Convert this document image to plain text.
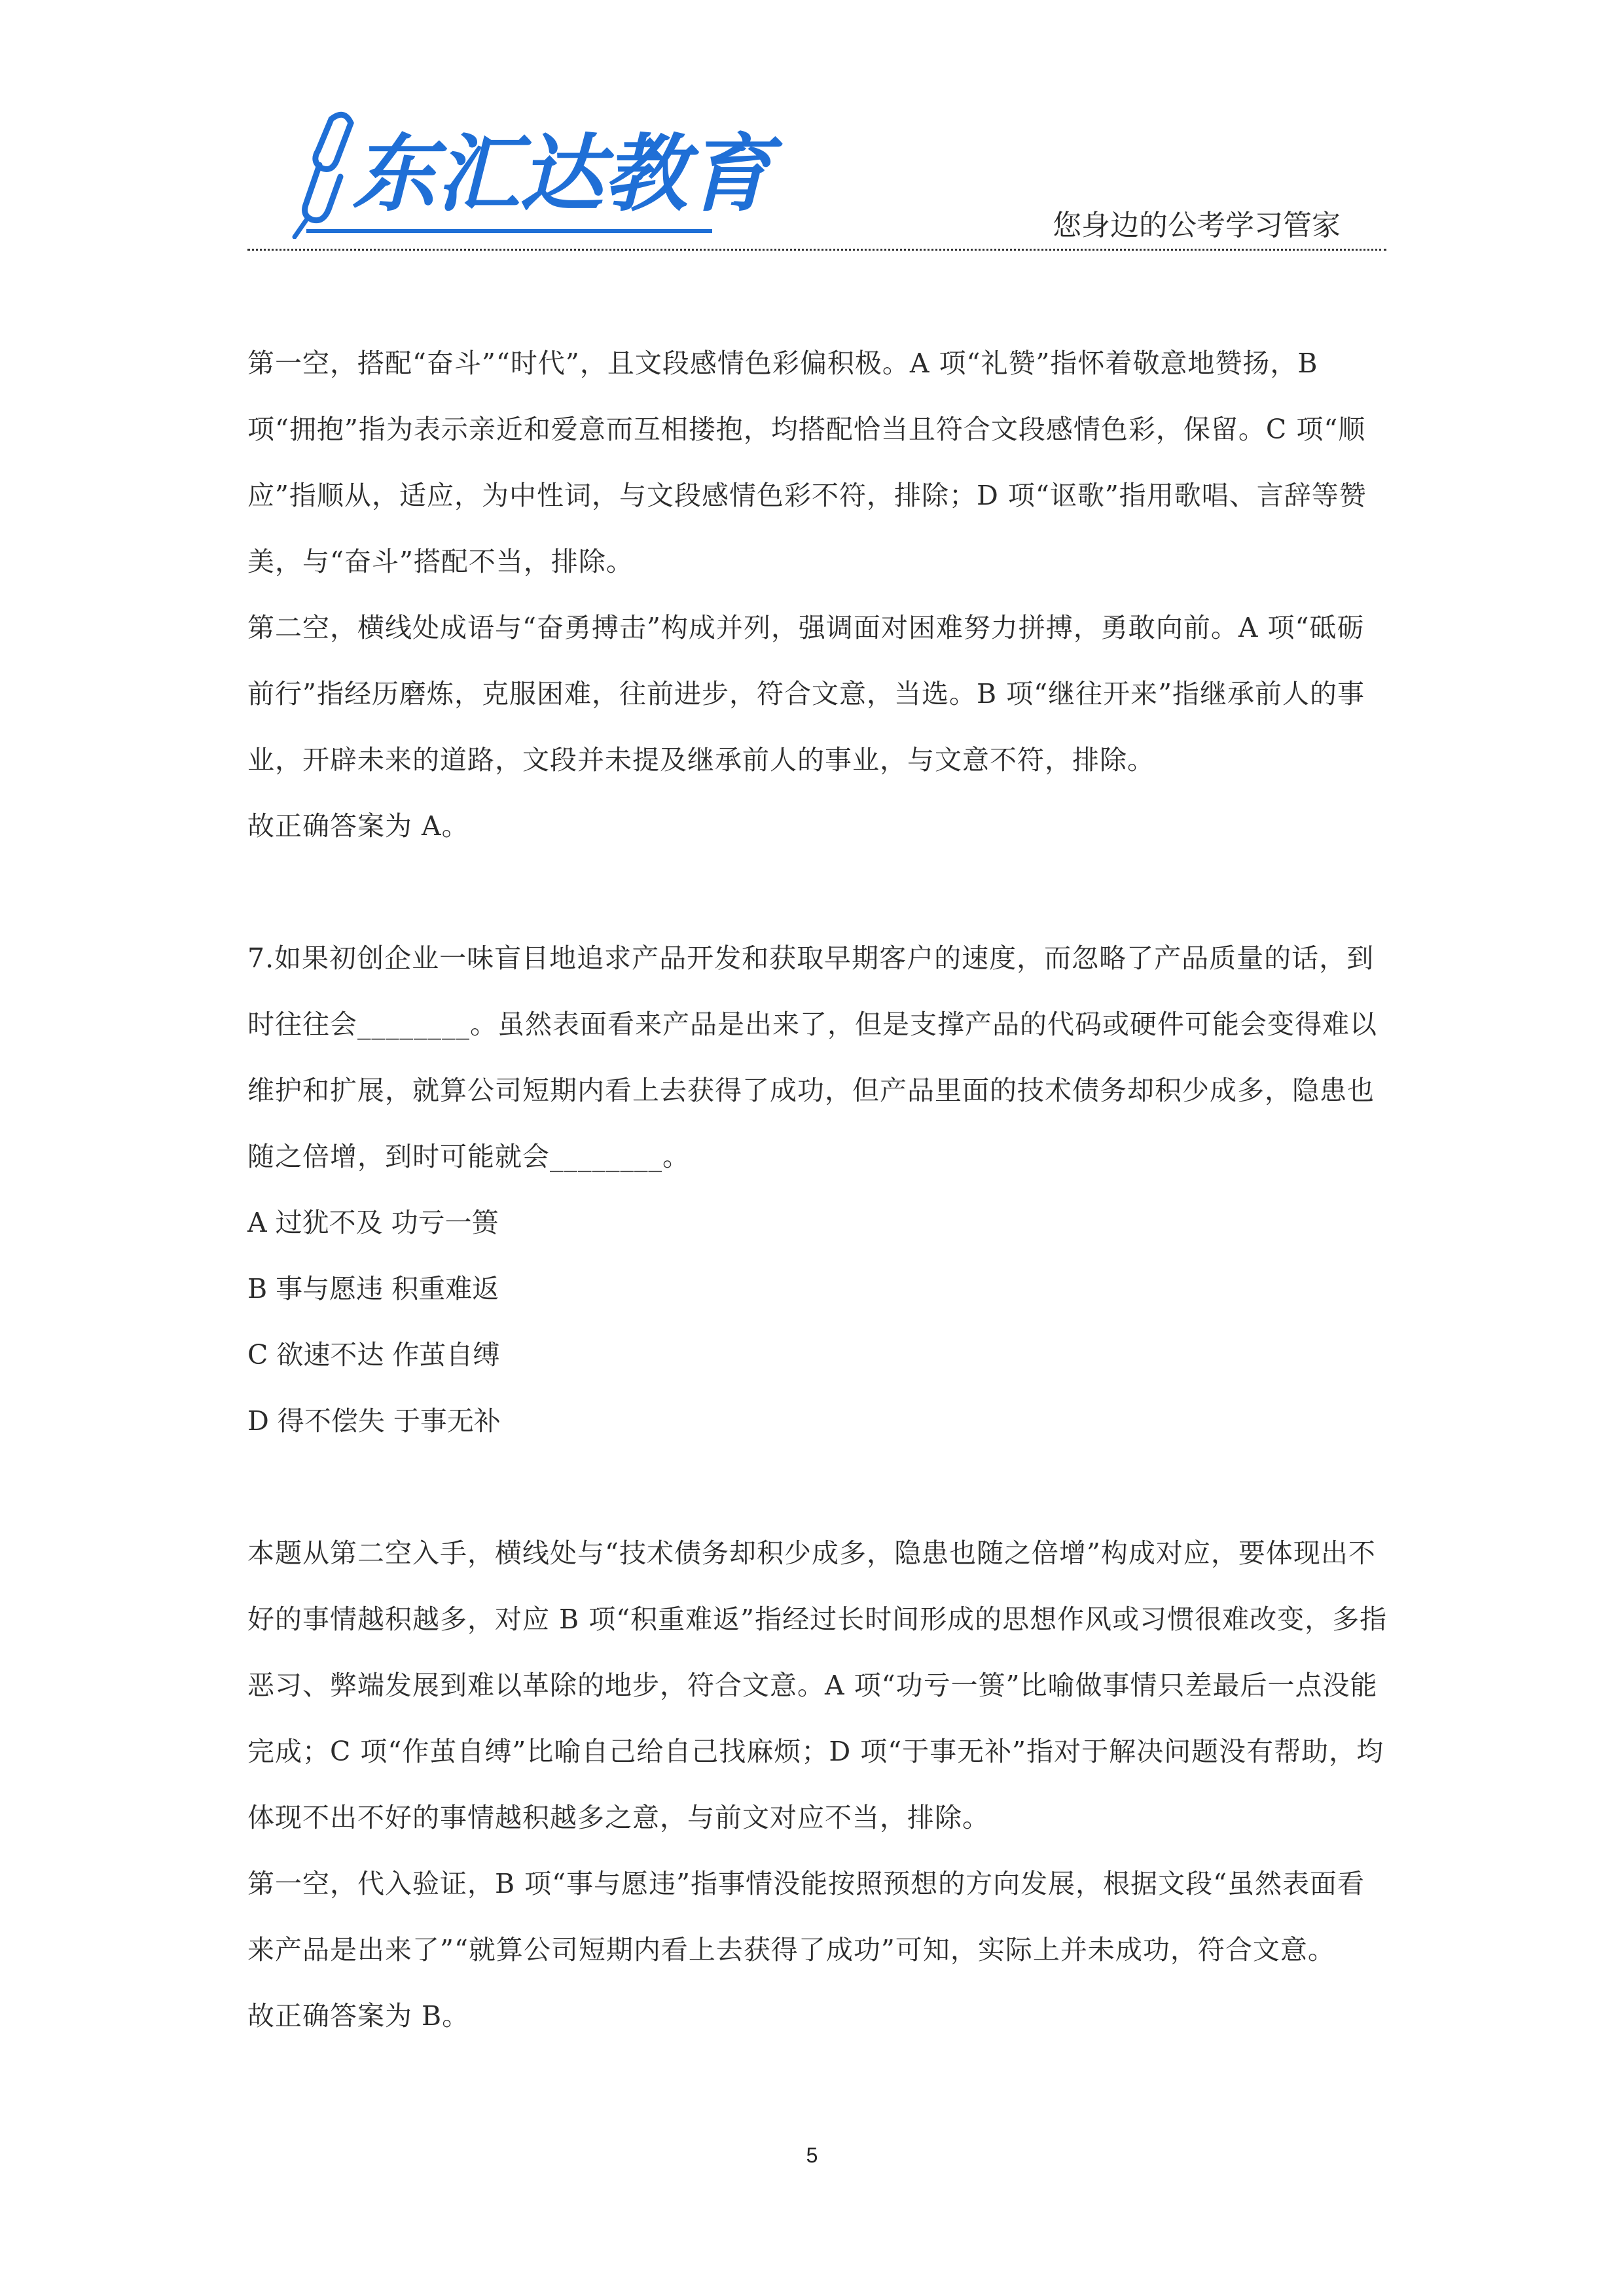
东汇达教育
您身边的公考学习管家

第一空，搭配“奋斗”“时代”，且文段感情色彩偏积极。A 项“礼赞”指怀着敬意地赞扬，B 项“拥抱”指为表示亲近和爱意而互相搂抱，均搭配恰当且符合文段感情色彩，保留。C 项“顺应”指顺从，适应，为中性词，与文段感情色彩不符，排除；D 项“讴歌”指用歌唱、言辞等赞美，与“奋斗”搭配不当，排除。

第二空，横线处成语与“奋勇搏击”构成并列，强调面对困难努力拼搏，勇敢向前。A 项“砥砺前行”指经历磨炼，克服困难，往前进步，符合文意，当选。B 项“继往开来”指继承前人的事业，开辟未来的道路，文段并未提及继承前人的事业，与文意不符，排除。

故正确答案为 A。

7.如果初创企业一味盲目地追求产品开发和获取早期客户的速度，而忽略了产品质量的话，到时往往会________。虽然表面看来产品是出来了，但是支撑产品的代码或硬件可能会变得难以维护和扩展，就算公司短期内看上去获得了成功，但产品里面的技术债务却积少成多，隐患也随之倍增，到时可能就会________。

A 过犹不及 功亏一篑

B 事与愿违 积重难返

C 欲速不达 作茧自缚

D 得不偿失 于事无补

本题从第二空入手，横线处与“技术债务却积少成多，隐患也随之倍增”构成对应，要体现出不好的事情越积越多，对应 B 项“积重难返”指经过长时间形成的思想作风或习惯很难改变，多指恶习、弊端发展到难以革除的地步，符合文意。A 项“功亏一篑”比喻做事情只差最后一点没能完成；C 项“作茧自缚”比喻自己给自己找麻烦；D 项“于事无补”指对于解决问题没有帮助，均体现不出不好的事情越积越多之意，与前文对应不当，排除。

第一空，代入验证，B 项“事与愿违”指事情没能按照预想的方向发展，根据文段“虽然表面看来产品是出来了”“就算公司短期内看上去获得了成功”可知，实际上并未成功，符合文意。

故正确答案为 B。

5
